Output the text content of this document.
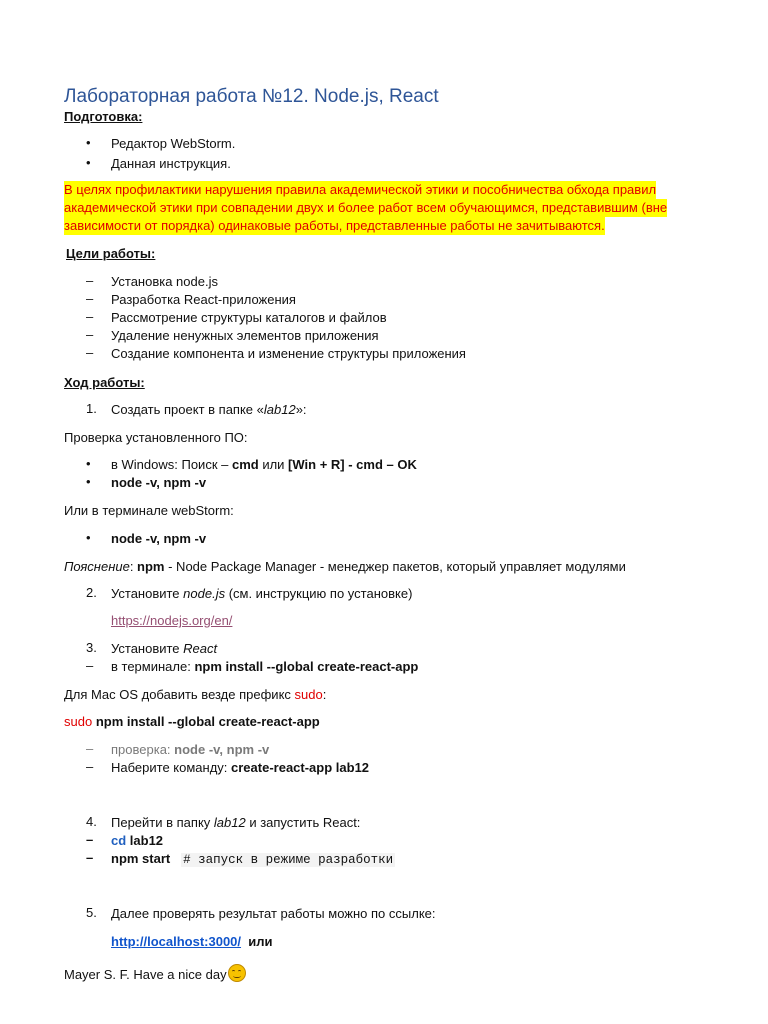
Лабораторная работа №12. Node.js, React
Подготовка:
•	Редактор WebStorm.
•	Данная инструкция.
В целях профилактики нарушения правила академической этики и пособничества обхода правил
академической этики при совпадении двух и более работ всем обучающимся, представившим (вне
зависимости от порядка) одинаковые работы, представленные работы не зачитываются.
Цели работы:
–	Установка node.js
–	Разработка React-приложения
–	Рассмотрение структуры каталогов и файлов
–	Удаление ненужных элементов приложения
–	Создание компонента и изменение структуры приложения
Ход работы:
1.	Создать проект в папке «lab12»:
Проверка установленного ПО:
•	в Windows: Поиск – cmd или [Win + R] - cmd – OK
•	node -v, npm -v
Или в терминале webStorm:
•	node -v, npm -v
Пояснение: npm - Node Package Manager - менеджер пакетов, который управляет модулями
2.	Установите node.js (см. инструкцию по установке)
https://nodejs.org/en/
3.	Установите React
–	в терминале: npm install --global create-react-app
Для Mac OS добавить везде префикс sudo:
sudo npm install --global create-react-app
–	проверка: node -v, npm -v
–	Наберите команду: create-react-app lab12
4.	Перейти в папку lab12 и запустить React:
–	cd lab12
–	npm start # запуск в режиме разработки
5.	Далее проверять результат работы можно по ссылке:
http://localhost:3000/ или
Mayer S. F. Have a nice day
